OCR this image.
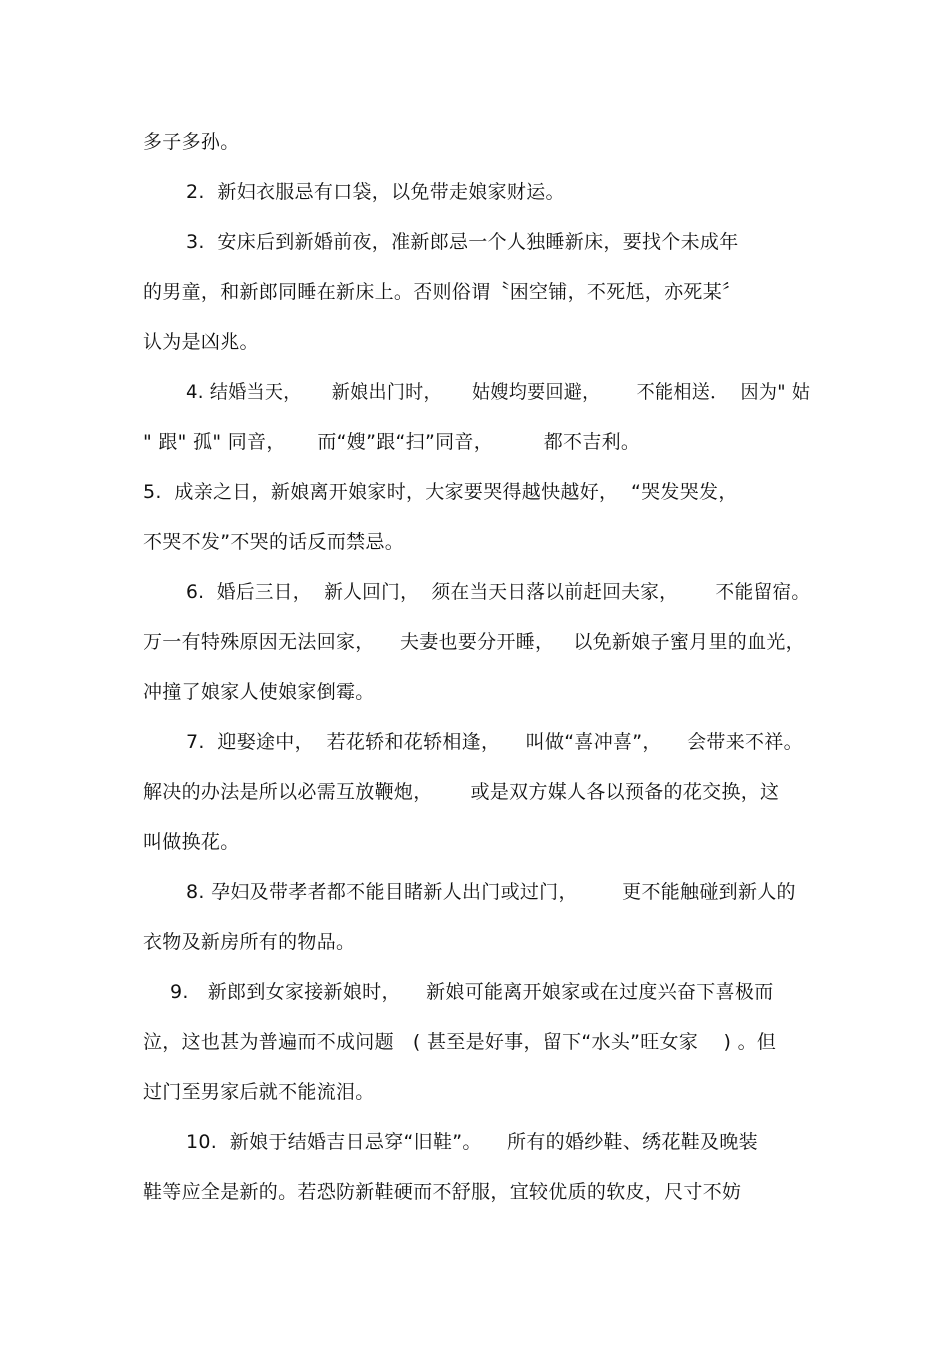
多子多孙。
2.  新妇衣服忌有口袋，以免带走娘家财运。
3.  安床后到新婚前夜，准新郎忌一个人独睡新床，要找个未成年
的男童，和新郎同睡在新床上。否则俗谓〝困空铺，不死尪，亦死某〞
认为是凶兆。
4. 结婚当天，     新娘出门时，     姑嫂均要回避，      不能相送．  因为" 姑
" 跟" 孤" 同音，     而“嫂”跟“扫”同音，        都不吉利。
5.  成亲之日，新娘离开娘家时，大家要哭得越快越好，  “哭发哭发，
不哭不发”不哭的话反而禁忌。
6.  婚后三日，  新人回门，  须在当天日落以前赶回夫家，      不能留宿。
万一有特殊原因无法回家，    夫妻也要分开睡，   以免新娘子蜜月里的血光，
冲撞了娘家人使娘家倒霉。
7.  迎娶途中，  若花轿和花轿相逢，    叫做“喜冲喜”，    会带来不祥。
解决的办法是所以必需互放鞭炮，      或是双方媒人各以预备的花交换，这
叫做换花。
8. 孕妇及带孝者都不能目睹新人出门或过门，       更不能触碰到新人的
衣物及新房所有的物品。
9.   新郎到女家接新娘时，    新娘可能离开娘家或在过度兴奋下喜极而
泣，这也甚为普遍而不成问题   ( 甚至是好事，留下“水头”旺女家    ) 。但
过门至男家后就不能流泪。
10.  新娘于结婚吉日忌穿“旧鞋”。    所有的婚纱鞋、绣花鞋及晚装
鞋等应全是新的。若恐防新鞋硬而不舒服，宜较优质的软皮，尺寸不妨
